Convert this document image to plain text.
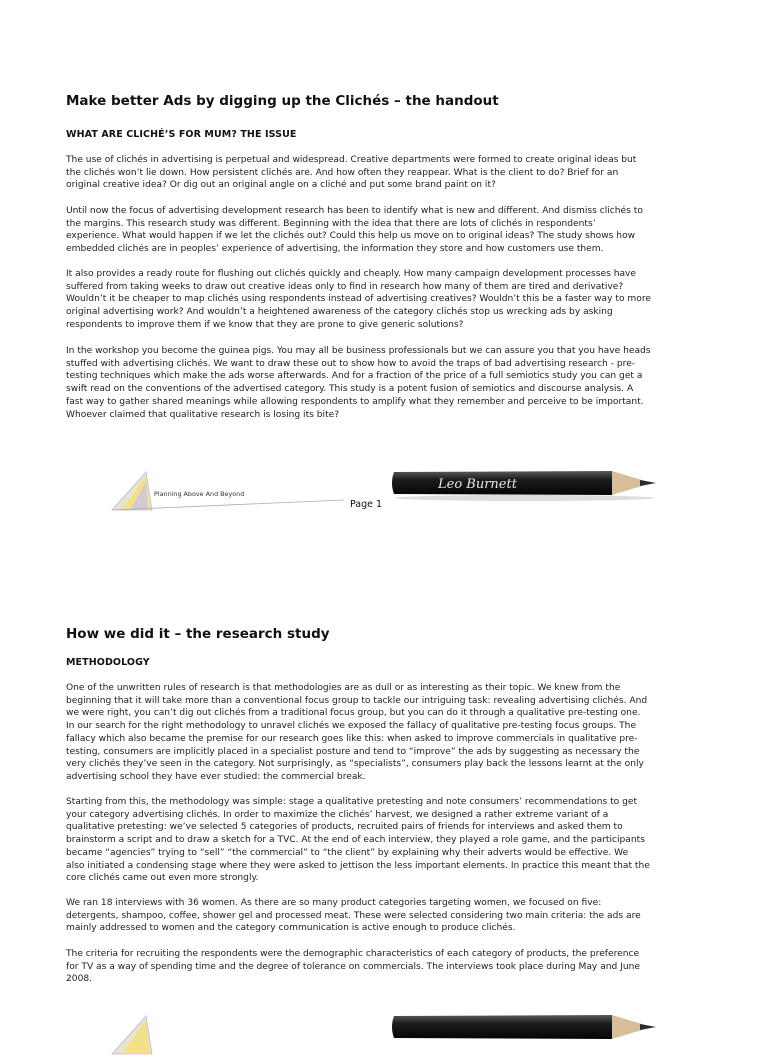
Make better Ads by digging up the Clichés – the handout
WHAT ARE CLICHÉ’S FOR MUM? THE ISSUE
The use of clichés in advertising is perpetual and widespread. Creative departments were formed to create original ideas but
the clichés won’t lie down. How persistent clichés are. And how often they reappear. What is the client to do? Brief for an
original creative idea? Or dig out an original angle on a cliché and put some brand paint on it?
Until now the focus of advertising development research has been to identify what is new and different. And dismiss clichés to
the margins. This research study was different. Beginning with the idea that there are lots of clichés in respondents’
experience. What would happen if we let the clichés out? Could this help us move on to original ideas? The study shows how
embedded clichés are in peoples’ experience of advertising, the information they store and how customers use them.
It also provides a ready route for flushing out clichés quickly and cheaply. How many campaign development processes have
suffered from taking weeks to draw out creative ideas only to find in research how many of them are tired and derivative?
Wouldn’t it be cheaper to map clichés using respondents instead of advertising creatives? Wouldn’t this be a faster way to more
original advertising work? And wouldn’t a heightened awareness of the category clichés stop us wrecking ads by asking
respondents to improve them if we know that they are prone to give generic solutions?
In the workshop you become the guinea pigs. You may all be business professionals but we can assure you that you have heads
stuffed with advertising clichés. We want to draw these out to show how to avoid the traps of bad advertising research - pre-
testing techniques which make the ads worse afterwards. And for a fraction of the price of a full semiotics study you can get a
swift read on the conventions of the advertised category. This study is a potent fusion of semiotics and discourse analysis. A
fast way to gather shared meanings while allowing respondents to amplify what they remember and perceive to be important.
Whoever claimed that qualitative research is losing its bite?
Planning Above And Beyond
Page 1
Leo Burnett
How we did it – the research study
METHODOLOGY
One of the unwritten rules of research is that methodologies are as dull or as interesting as their topic. We knew from the
beginning that it will take more than a conventional focus group to tackle our intriguing task: revealing advertising clichés. And
we were right, you can’t dig out clichés from a traditional focus group, but you can do it through a qualitative pre-testing one.
In our search for the right methodology to unravel clichés we exposed the fallacy of qualitative pre-testing focus groups. The
fallacy which also became the premise for our research goes like this: when asked to improve commercials in qualitative pre-
testing, consumers are implicitly placed in a specialist posture and tend to “improve” the ads by suggesting as necessary the
very clichés they’ve seen in the category. Not surprisingly, as “specialists”, consumers play back the lessons learnt at the only
advertising school they have ever studied: the commercial break.
Starting from this, the methodology was simple: stage a qualitative pretesting and note consumers’ recommendations to get
your category advertising clichés. In order to maximize the clichés’ harvest, we designed a rather extreme variant of a
qualitative pretesting: we’ve selected 5 categories of products, recruited pairs of friends for interviews and asked them to
brainstorm a script and to draw a sketch for a TVC. At the end of each interview, they played a role game, and the participants
became “agencies” trying to “sell” “the commercial” to “the client” by explaining why their adverts would be effective. We
also initiated a condensing stage where they were asked to jettison the less important elements. In practice this meant that the
core clichés came out even more strongly.
We ran 18 interviews with 36 women. As there are so many product categories targeting women, we focused on five:
detergents, shampoo, coffee, shower gel and processed meat. These were selected considering two main criteria: the ads are
mainly addressed to women and the category communication is active enough to produce clichés.
The criteria for recruiting the respondents were the demographic characteristics of each category of products, the preference
for TV as a way of spending time and the degree of tolerance on commercials. The interviews took place during May and June
2008.
